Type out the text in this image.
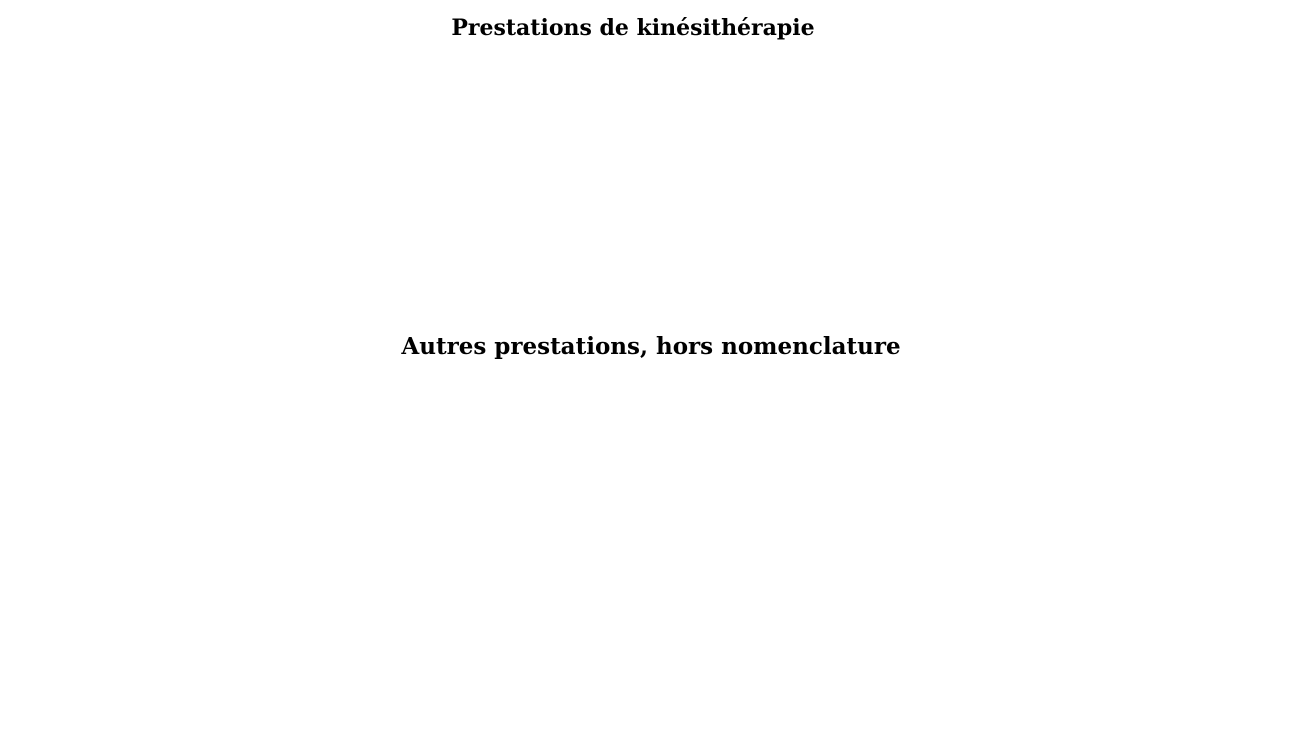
Prestations de kinésithérapie
Autres prestations, hors nomenclature
